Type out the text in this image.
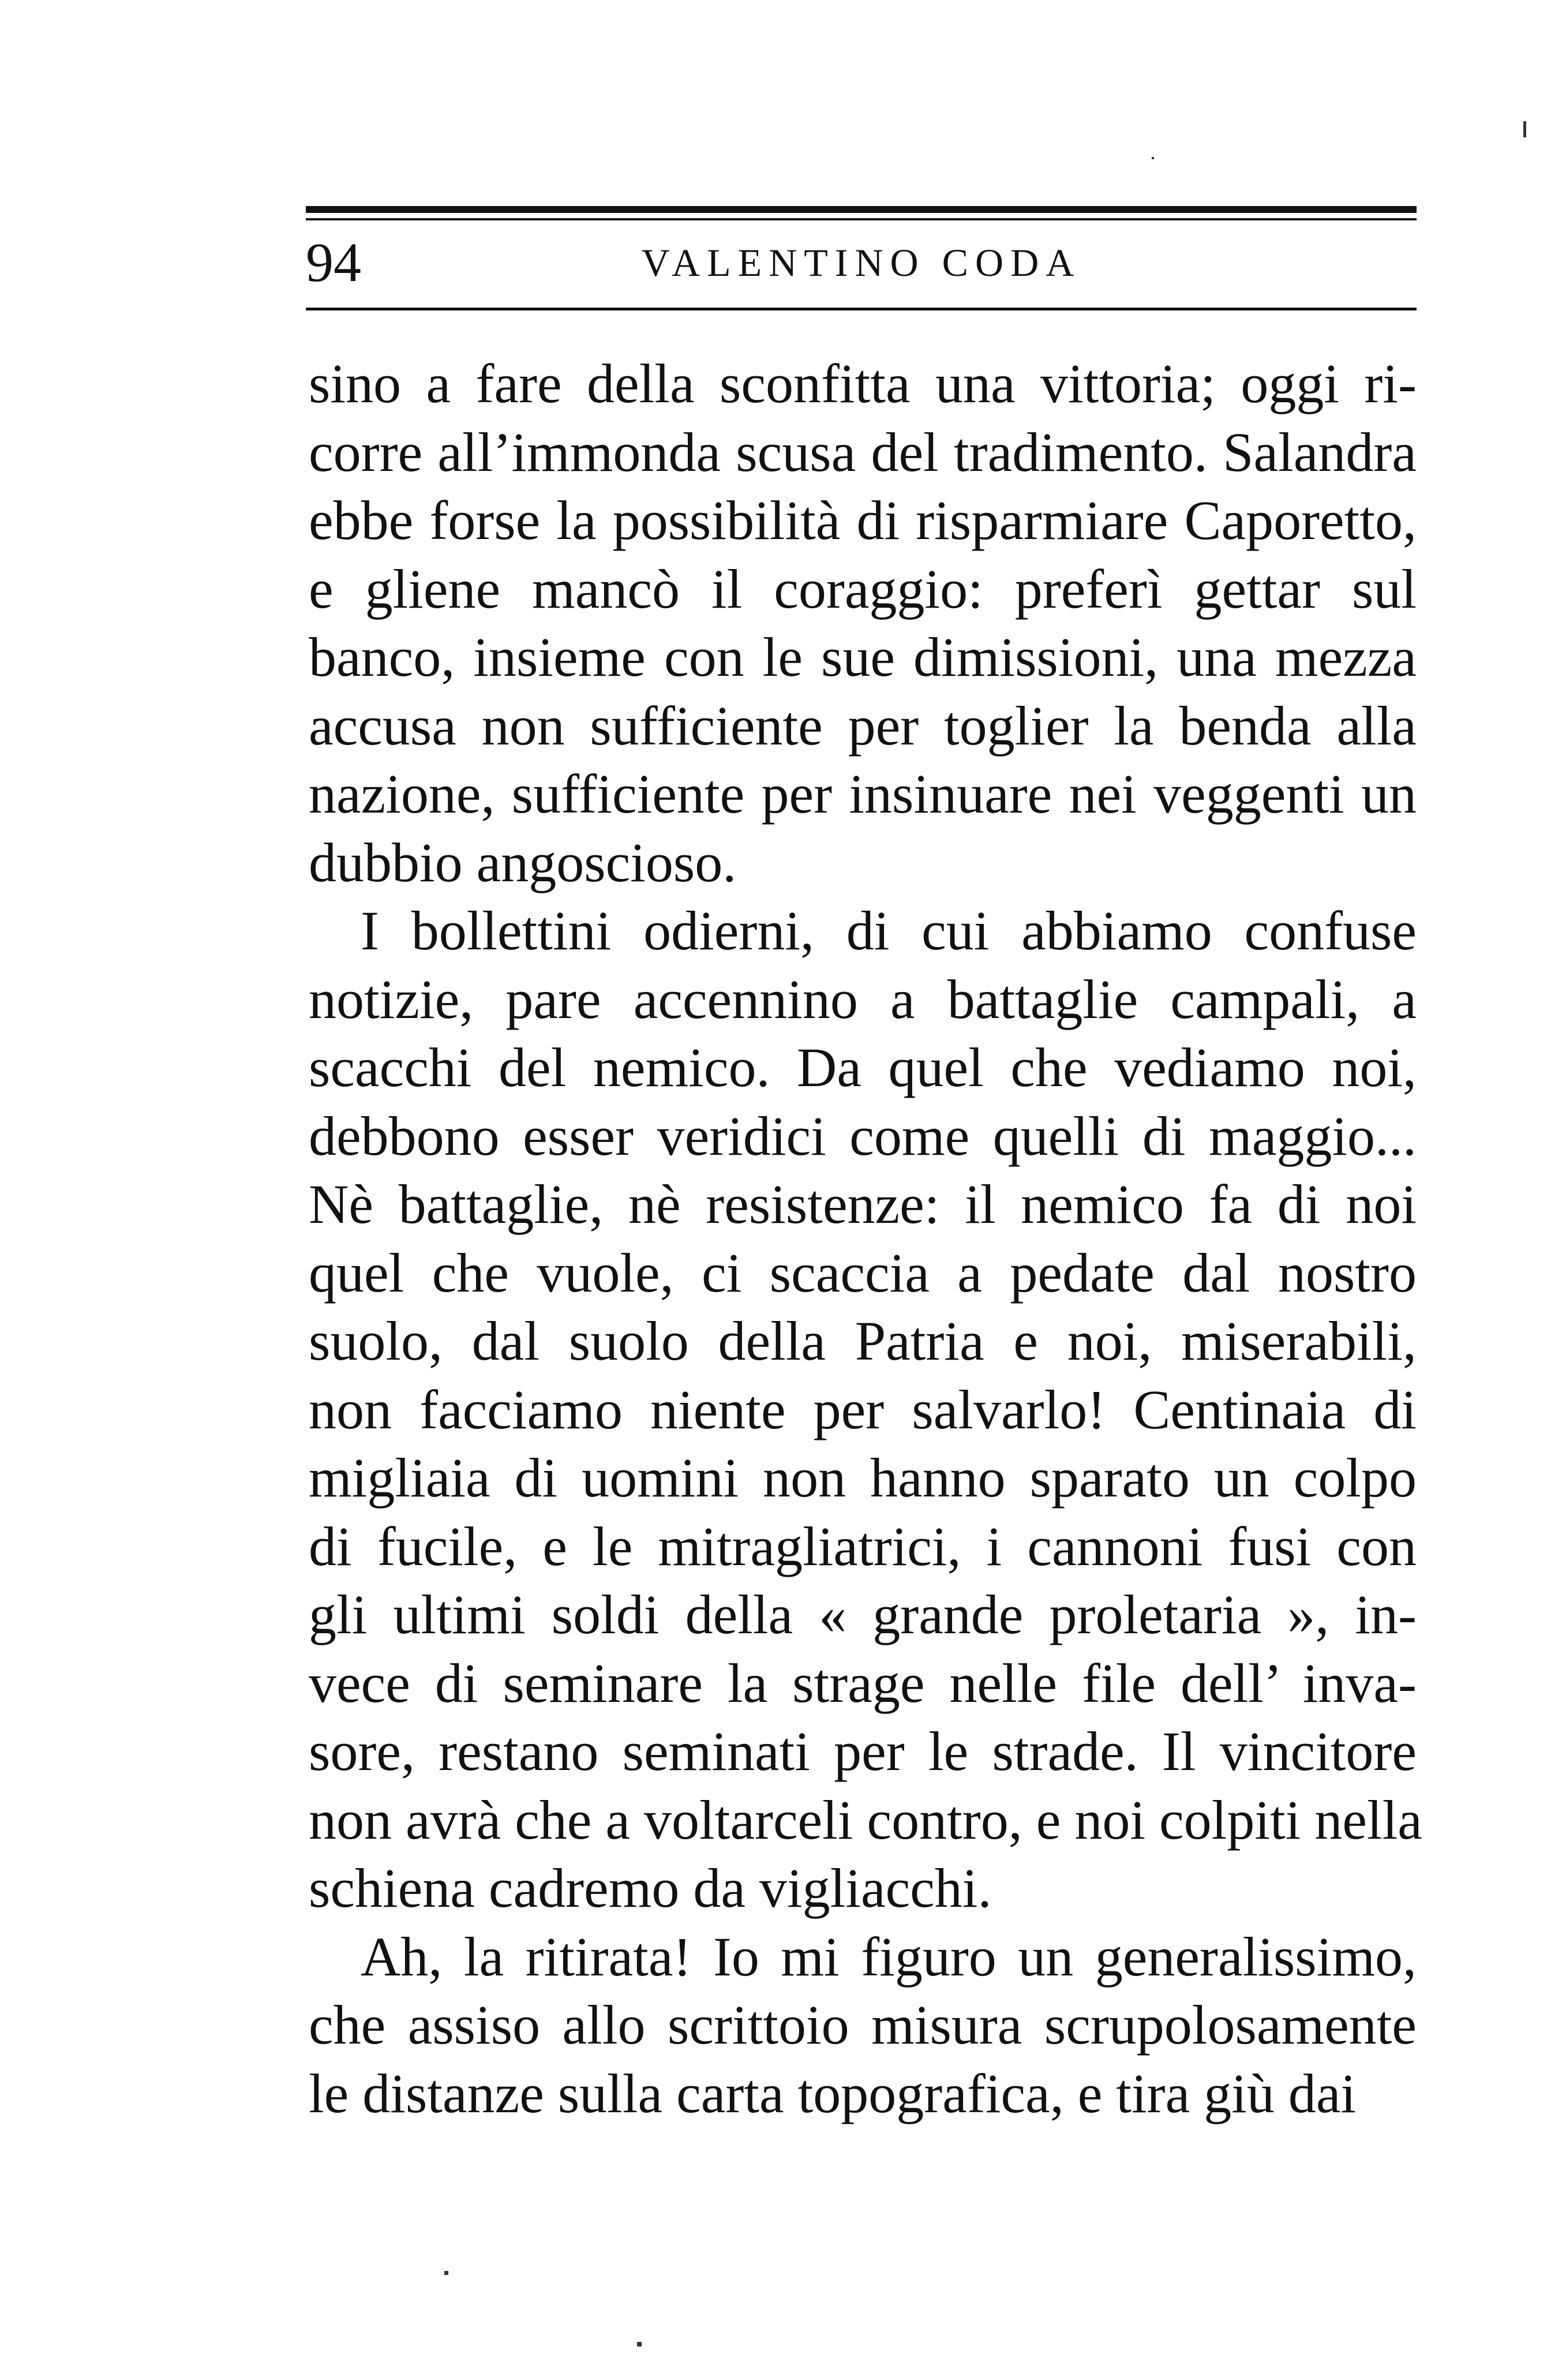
94	VALENTINO CODA

sino a fare della sconfitta una vittoria; oggi ri-
corre all’immonda scusa del tradimento. Salandra
ebbe forse la possibilità di risparmiare Caporetto,
e gliene mancò il coraggio: preferì gettar sul
banco, insieme con le sue dimissioni, una mezza
accusa non sufficiente per toglier la benda alla
nazione, sufficiente per insinuare nei veggenti un
dubbio angoscioso.

I bollettini odierni, di cui abbiamo confuse
notizie, pare accennino a battaglie campali, a
scacchi del nemico. Da quel che vediamo noi,
debbono esser veridici come quelli di maggio...
Nè battaglie, nè resistenze: il nemico fa di noi
quel che vuole, ci scaccia a pedate dal nostro
suolo, dal suolo della Patria e noi, miserabili,
non facciamo niente per salvarlo! Centinaia di
migliaia di uomini non hanno sparato un colpo
di fucile, e le mitragliatrici, i cannoni fusi con
gli ultimi soldi della « grande proletaria », in-
vece di seminare la strage nelle file dell’ inva-
sore, restano seminati per le strade. Il vincitore
non avrà che a voltarceli contro, e noi colpiti nella
schiena cadremo da vigliacchi.

Ah, la ritirata! Io mi figuro un generalissimo,
che assiso allo scrittoio misura scrupolosamente
le distanze sulla carta topografica, e tira giù dai
